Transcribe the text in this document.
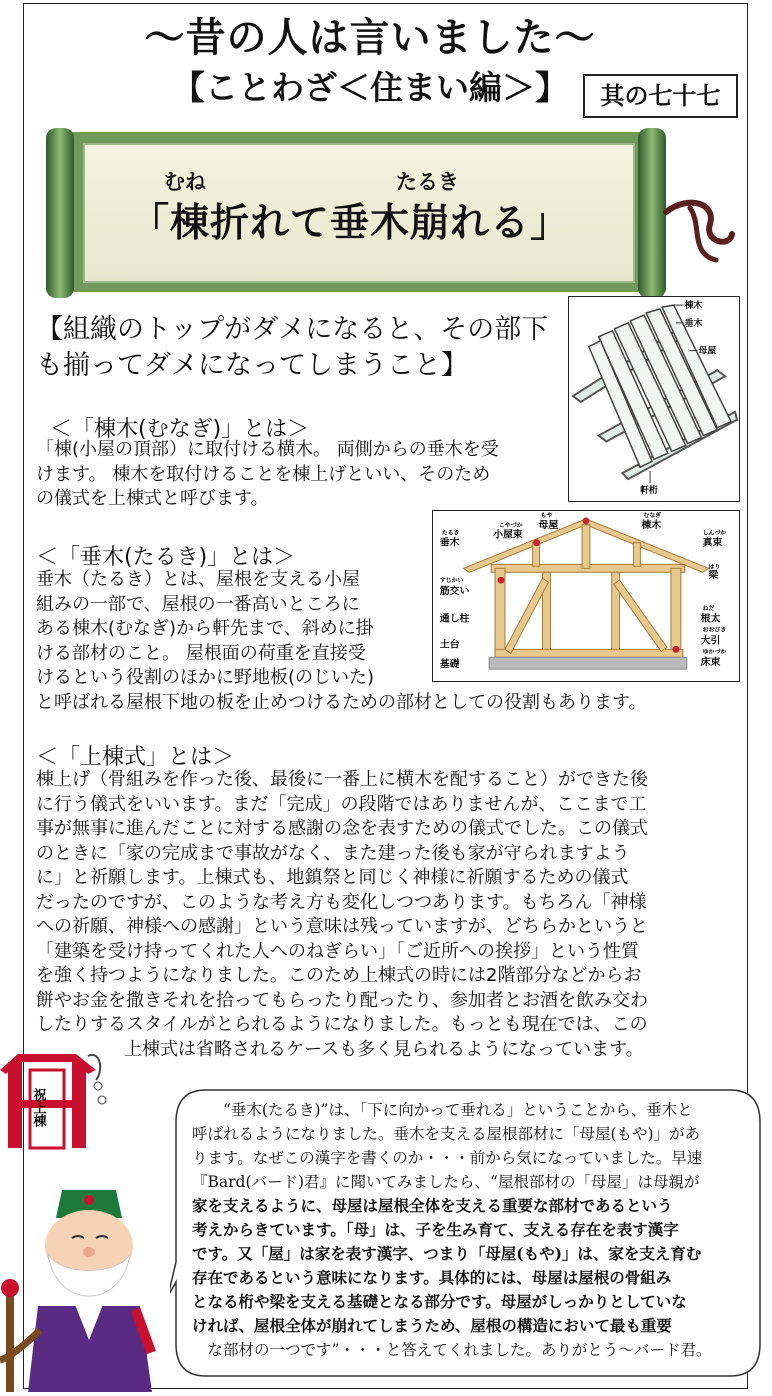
～昔の人は言いました～
【ことわざ＜住まい編＞】	其の七十七
むね	たるき
「棟折れて垂木崩れる」
【組織のトップがダメになると、その部下
も揃ってダメになってしまうこと】
棟木
垂木
母屋
軒桁
＜「棟木(むなぎ)」とは＞
「棟(小屋の頂部）に取付ける横木。 両側からの垂木を受
けます。 棟木を取付けることを棟上げといい、そのため
の儀式を上棟式と呼びます。
こやづか
小屋束
もや
母屋
むなぎ
棟木
たるき
垂木
しんづか
真束
はり
梁
すじかい
筋交い
通し柱
土台
基礎
ねだ
根太
おおびき
大引
ゆかづか
床束
＜「垂木(たるき)」とは＞
垂木（たるき）とは、屋根を支える小屋
組みの一部で、屋根の一番高いところに
ある棟木(むなぎ)から軒先まで、斜めに掛
ける部材のこと。 屋根面の荷重を直接受
けるという役割のほかに野地板(のじいた)
と呼ばれる屋根下地の板を止めつけるための部材としての役割もあります。
＜「上棟式」とは＞
棟上げ（骨組みを作った後、最後に一番上に横木を配すること）ができた後
に行う儀式をいいます。まだ「完成」の段階ではありませんが、ここまで工
事が無事に進んだことに対する感謝の念を表すための儀式でした。この儀式
のときに「家の完成まで事故がなく、また建った後も家が守られますよう
に」と祈願します。上棟式も、地鎮祭と同じく神様に祈願するための儀式
だったのですが、このような考え方も変化しつつあります。もちろん「神様
への祈願、神様への感謝」という意味は残っていますが、どちらかというと
「建築を受け持ってくれた人へのねぎらい」「ご近所への挨拶」という性質
を強く持つようになりました。このため上棟式の時には2階部分などからお
餅やお金を撒きそれを拾ってもらったり配ったり、参加者とお酒を飲み交わ
したりするスタイルがとられるようになりました。もっとも現在では、この
上棟式は省略されるケースも多く見られるようになっています。
祝上棟	“垂木(たるき)”は、「下に向かって垂れる」ということから、垂木と
呼ばれるようになりました。垂木を支える屋根部材に「母屋(もや)」があ
ります。なぜこの漢字を書くのか・・・前から気になっていました。早速
『Bard(バード)君』に聞いてみましたら、“屋根部材の「母屋」は母親が
家を支えるように、母屋は屋根全体を支える重要な部材であるという
考えからきています。「母」は、子を生み育て、支える存在を表す漢字
です。又「屋」は家を表す漢字、つまり「母屋(もや)」は、家を支え育む
存在であるという意味になります。具体的には、母屋は屋根の骨組み
となる桁や梁を支える基礎となる部分です。母屋がしっかりとしていな
ければ、屋根全体が崩れてしまうため、屋根の構造において最も重要
な部材の一つです”・・・と答えてくれました。ありがとう～バード君。
